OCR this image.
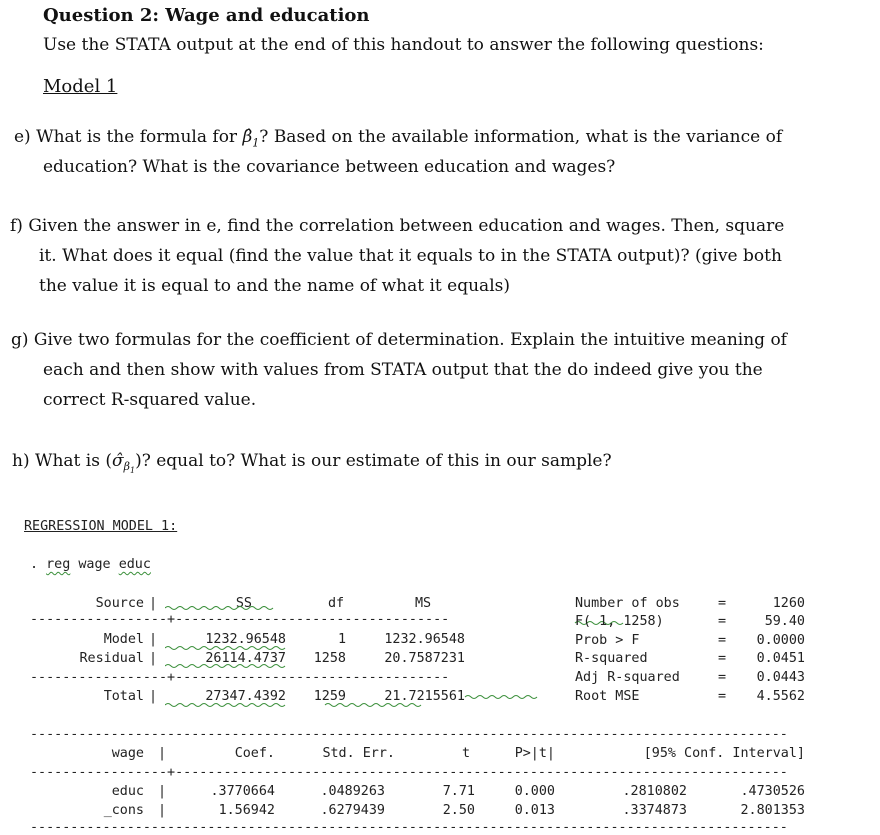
Question 2: Wage and education
Use the STATA output at the end of this handout to answer the following questions:
Model 1
e) What is the formula for $\betâ_1$? Based on the available information, what is the variance of
education? What is the covariance between education and wages?
f) Given the answer in e, find the correlation between education and wages. Then, square
it. What does it equal (find the value that it equals to in the STATA output)? (give both
the value it is equal to and the name of what it equals)
g) Give two formulas for the coefficient of determination. Explain the intuitive meaning of
each and then show with values from STATA output that the do indeed give you the
correct R-squared value.
h) What is $(\sigmâ_{\beta_1})$? equal to? What is our estimate of this in our sample?
REGRESSION MODEL 1:
. reg wage educ
Source |	SS	df	MS
-----------------+----------------------------------
Model |	1232.96548	1	1232.96548
Residual |	26114.4737	1258	20.7587231
-----------------+----------------------------------
Total |	27347.4392	1259	21.7215561
Number of obs	=	1260
F( 1, 1258)	=	59.40
Prob > F	=	0.0000
R-squared	=	0.0451
Adj R-squared	=	0.0443
Root MSE	=	4.5562
----------------------------------------------------------------------------------------------
wage |	Coef.	Std. Err.	t	P>|t|	[95% Conf. Interval]
-----------------+----------------------------------------------------------------------------
educ |	.3770664	.0489263	7.71	0.000	.2810802	.4730526
_cons |	1.56942	.6279439	2.50	0.013	.3374873	2.801353
----------------------------------------------------------------------------------------------
